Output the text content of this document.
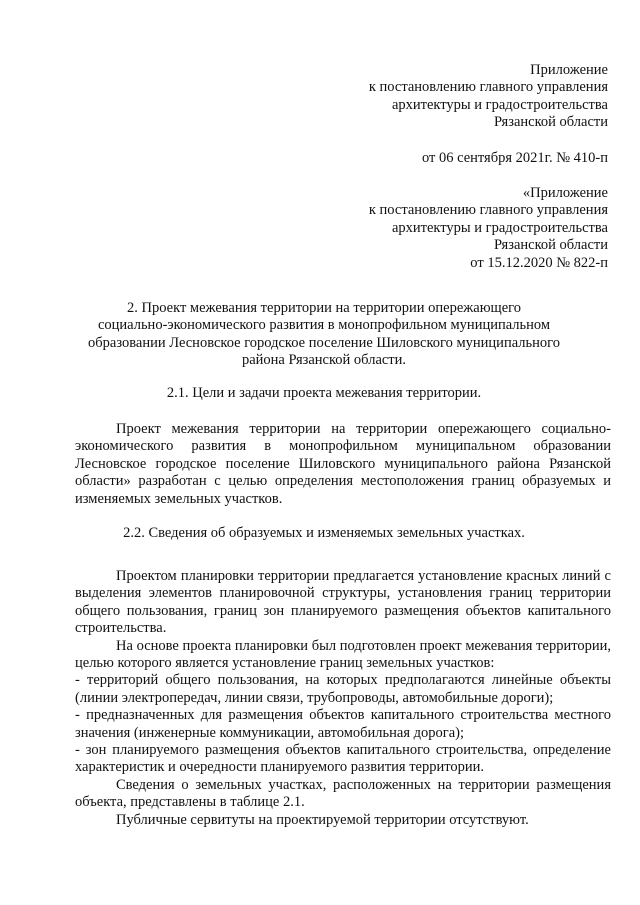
Приложение
к постановлению главного управления
архитектуры и градостроительства
Рязанской области
от 06 сентября 2021г. № 410-п
«Приложение
к постановлению главного управления
архитектуры и градостроительства
Рязанской области
от 15.12.2020 № 822-п
2. Проект межевания территории на территории опережающего
социально-экономического развития в монопрофильном муниципальном
образовании Лесновское городское поселение Шиловского муниципального
района Рязанской области.
2.1. Цели и задачи проекта межевания территории.

Проект межевания территории на территории опережающего социально-экономического развития в монопрофильном муниципальном образовании Лесновское городское поселение Шиловского муниципального района Рязанской области» разработан с целью определения местоположения границ образуемых и изменяемых земельных участков.

2.2. Сведения об образуемых и изменяемых земельных участках.

Проектом планировки территории предлагается установление красных линий с выделения элементов планировочной структуры, установления границ территории общего пользования, границ зон планируемого размещения объектов капитального строительства.

На основе проекта планировки был подготовлен проект межевания территории, целью которого является установление границ земельных участков:

- территорий общего пользования, на которых предполагаются линейные объекты (линии электропередач, линии связи, трубопроводы, автомобильные дороги);

- предназначенных для размещения объектов капитального строительства местного значения (инженерные коммуникации, автомобильная дорога);

- зон планируемого размещения объектов капитального строительства, определение характеристик и очередности планируемого развития территории.

Сведения о земельных участках, расположенных на территории размещения объекта, представлены в таблице 2.1.

Публичные сервитуты на проектируемой территории отсутствуют.
